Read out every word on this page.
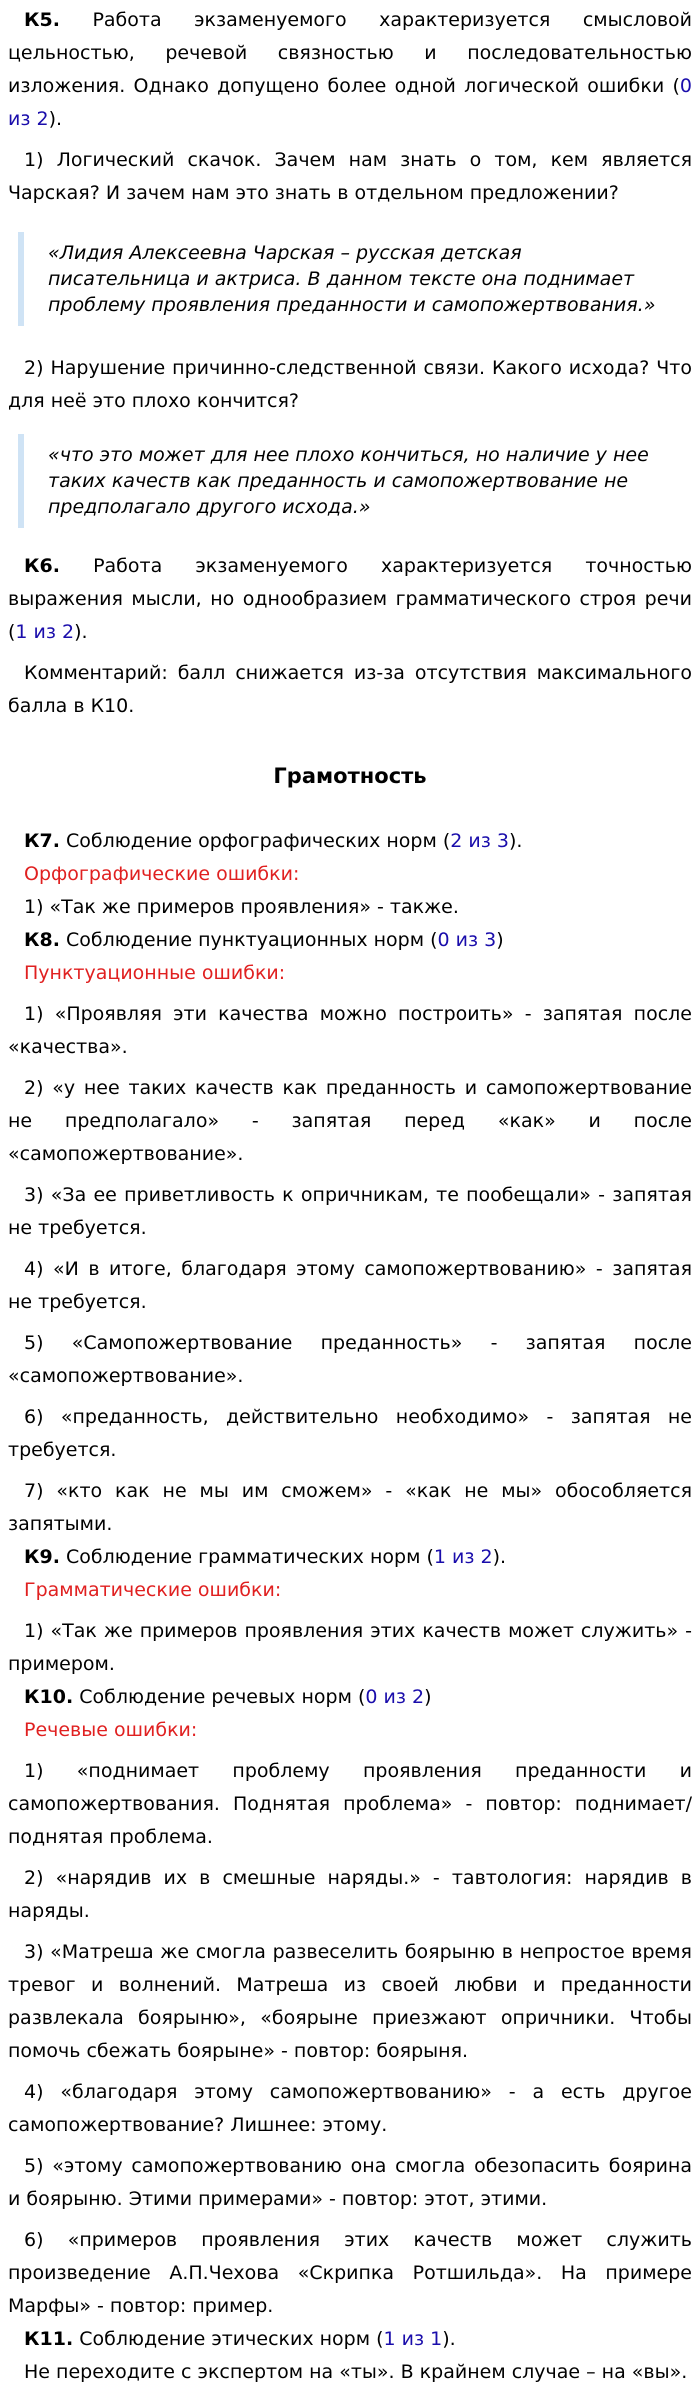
К5. Работа экзаменуемого характеризуется смысловой цельностью, речевой связностью и последовательностью изложения. Однако допущено более одной логической ошибки (0 из 2).

1) Логический скачок. Зачем нам знать о том, кем является Чарская? И зачем нам это знать в отдельном предложении?

«Лидия Алексеевна Чарская – русская детская писательница и актриса. В данном тексте она поднимает проблему проявления преданности и самопожертвования.»

2) Нарушение причинно-следственной связи. Какого исхода? Что для неё это плохо кончится?

«что это может для нее плохо кончиться, но наличие у нее таких качеств как преданность и самопожертвование не предполагало другого исхода.»

К6. Работа экзаменуемого характеризуется точностью выражения мысли, но однообразием грамматического строя речи (1 из 2).

Комментарий: балл снижается из-за отсутствия максимального балла в К10.

Грамотность

К7. Соблюдение орфографических норм (2 из 3).

Орфографические ошибки:

1) «Так же примеров проявления» - также.

К8. Соблюдение пунктуационных норм (0 из 3)

Пунктуационные ошибки:

1) «Проявляя эти качества можно построить» - запятая после «качества».

2) «у нее таких качеств как преданность и самопожертвование не предполагало» - запятая перед «как» и после «самопожертвование».

3) «За ее приветливость к опричникам, те пообещали» - запятая не требуется.

4) «И в итоге, благодаря этому самопожертвованию» - запятая не требуется.

5) «Самопожертвование преданность» - запятая после «самопожертвование».

6) «преданность, действительно необходимо» - запятая не требуется.

7) «кто как не мы им сможем» - «как не мы» обособляется запятыми.

К9. Соблюдение грамматических норм (1 из 2).

Грамматические ошибки:

1) «Так же примеров проявления этих качеств может служить» - примером.

К10. Соблюдение речевых норм (0 из 2)

Речевые ошибки:

1) «поднимает проблему проявления преданности и самопожертвования. Поднятая проблема» - повтор: поднимает/ поднятая проблема.

2) «нарядив их в смешные наряды.» - тавтология: нарядив в наряды.

3) «Матреша же смогла развеселить боярыню в непростое время тревог и волнений. Матреша из своей любви и преданности развлекала боярыню», «боярыне приезжают опричники. Чтобы помочь сбежать боярыне» - повтор: боярыня.

4) «благодаря этому самопожертвованию» - а есть другое самопожертвование? Лишнее: этому.

5) «этому самопожертвованию она смогла обезопасить боярина и боярыню. Этими примерами» - повтор: этот, этими.

6) «примеров проявления этих качеств может служить произведение А.П.Чехова «Скрипка Ротшильда». На примере Марфы» - повтор: пример.

К11. Соблюдение этических норм (1 из 1).

Не переходите с экспертом на «ты». В крайнем случае – на «вы».
